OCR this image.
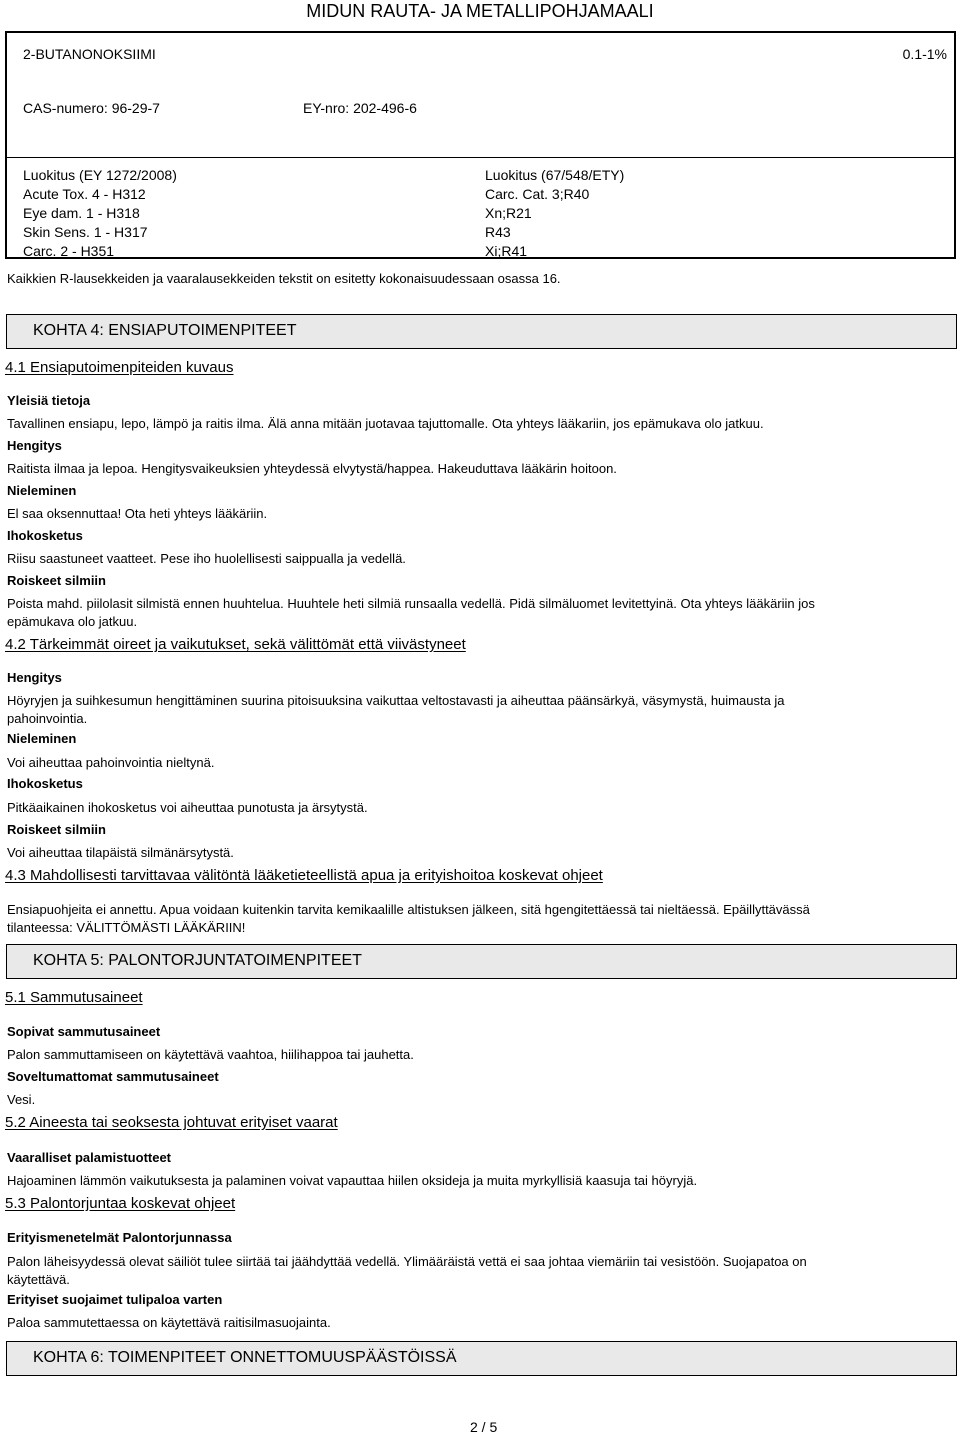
MIDUN RAUTA- JA METALLIPOHJAMAALI
2-BUTANONOKSIIMI	0.1-1%
CAS-numero: 96-29-7	EY-nro: 202-496-6
Luokitus (EY 1272/2008)
Acute Tox. 4 - H312
Eye dam. 1 - H318
Skin Sens. 1 - H317
Carc. 2 - H351
Luokitus (67/548/ETY)
Carc. Cat. 3;R40
Xn;R21
R43
Xi;R41
Kaikkien R-lausekkeiden ja vaaralausekkeiden tekstit on esitetty kokonaisuudessaan osassa 16.
KOHTA 4: ENSIAPUTOIMENPITEET
4.1 Ensiaputoimenpiteiden kuvaus
Yleisiä tietoja
Tavallinen ensiapu, lepo, lämpö ja raitis ilma. Älä anna mitään juotavaa tajuttomalle. Ota yhteys lääkariin, jos epämukava olo jatkuu.
Hengitys
Raitista ilmaa ja lepoa. Hengitysvaikeuksien yhteydessä elvytystä/happea. Hakeuduttava lääkärin hoitoon.
Nieleminen
El saa oksennuttaa! Ota heti yhteys lääkäriin.
Ihokosketus
Riisu saastuneet vaatteet. Pese iho huolellisesti saippualla ja vedellä.
Roiskeet silmiin
Poista mahd. piilolasit silmistä ennen huuhtelua. Huuhtele heti silmiä runsaalla vedellä. Pidä silmäluomet levitettyinä. Ota yhteys lääkäriin jos
epämukava olo jatkuu.
4.2 Tärkeimmät oireet ja vaikutukset, sekä välittömät että viivästyneet
Hengitys
Höyryjen ja suihkesumun hengittäminen suurina pitoisuuksina vaikuttaa veltostavasti ja aiheuttaa päänsärkyä, väsymystä, huimausta ja
pahoinvointia.
Nieleminen
Voi aiheuttaa pahoinvointia nieltynä.
Ihokosketus
Pitkäaikainen ihokosketus voi aiheuttaa punotusta ja ärsytystä.
Roiskeet silmiin
Voi aiheuttaa tilapäistä silmänärsytystä.
4.3 Mahdollisesti tarvittavaa välitöntä lääketieteellistä apua ja erityishoitoa koskevat ohjeet
Ensiapuohjeita ei annettu. Apua voidaan kuitenkin tarvita kemikaalille altistuksen jälkeen, sitä hgengitettäessä tai nieltäessä. Epäillyttävässä
tilanteessa: VÄLITTÖMÄSTI LÄÄKÄRIIN!
KOHTA 5: PALONTORJUNTATOIMENPITEET
5.1 Sammutusaineet
Sopivat sammutusaineet
Palon sammuttamiseen on käytettävä vaahtoa, hiilihappoa tai jauhetta.
Soveltumattomat sammutusaineet
Vesi.
5.2 Aineesta tai seoksesta johtuvat erityiset vaarat
Vaaralliset palamistuotteet
Hajoaminen lämmön vaikutuksesta ja palaminen voivat vapauttaa hiilen oksideja ja muita myrkyllisiä kaasuja tai höyryjä.
5.3 Palontorjuntaa koskevat ohjeet
Erityismenetelmät Palontorjunnassa
Palon läheisyydessä olevat säiliöt tulee siirtää tai jäähdyttää vedellä. Ylimääräistä vettä ei saa johtaa viemäriin tai vesistöön. Suojapatoa on
käytettävä.
Erityiset suojaimet tulipaloa varten
Paloa sammutettaessa on käytettävä raitisilmasuojainta.
KOHTA 6: TOIMENPITEET ONNETTOMUUSPÄÄSTÖISSÄ
2 / 5
